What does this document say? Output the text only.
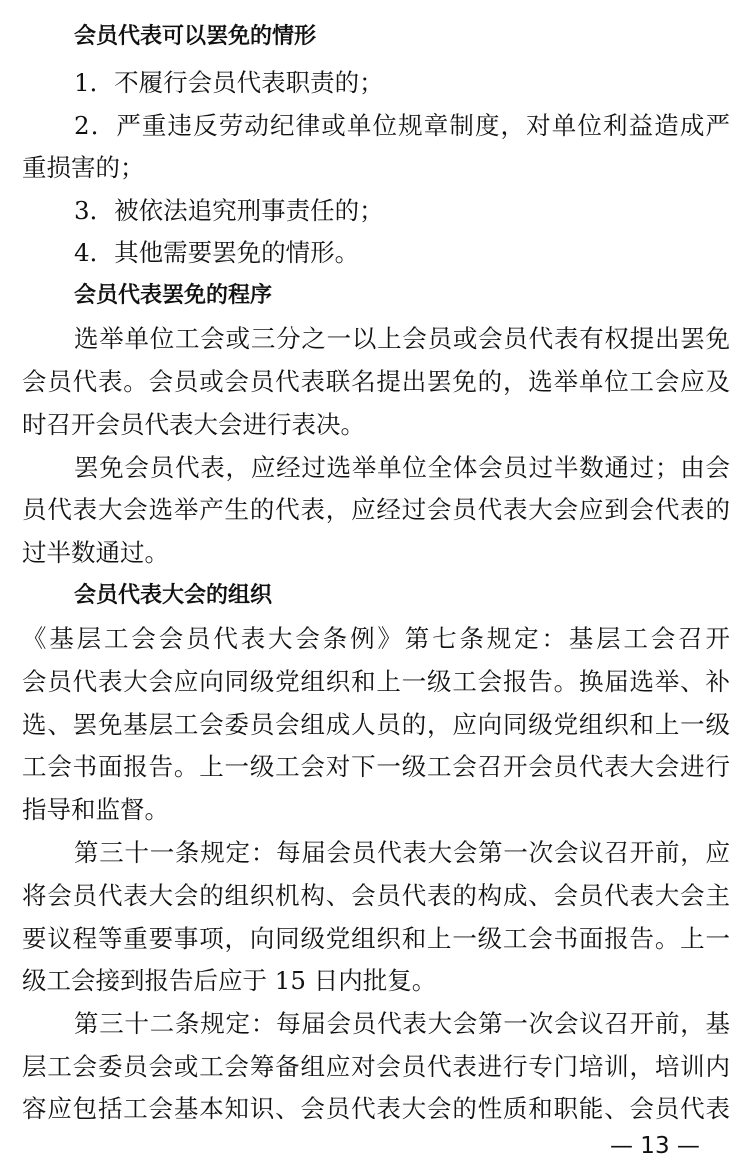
会员代表可以罢免的情形
1．不履行会员代表职责的；
2．严重违反劳动纪律或单位规章制度，对单位利益造成严
重损害的；
3．被依法追究刑事责任的；
4．其他需要罢免的情形。
会员代表罢免的程序
选举单位工会或三分之一以上会员或会员代表有权提出罢免
会员代表。会员或会员代表联名提出罢免的，选举单位工会应及
时召开会员代表大会进行表决。
罢免会员代表，应经过选举单位全体会员过半数通过；由会
员代表大会选举产生的代表，应经过会员代表大会应到会代表的
过半数通过。
会员代表大会的组织
《基层工会会员代表大会条例》第七条规定：基层工会召开
会员代表大会应向同级党组织和上一级工会报告。换届选举、补
选、罢免基层工会委员会组成人员的，应向同级党组织和上一级
工会书面报告。上一级工会对下一级工会召开会员代表大会进行
指导和监督。
第三十一条规定：每届会员代表大会第一次会议召开前，应
将会员代表大会的组织机构、会员代表的构成、会员代表大会主
要议程等重要事项，向同级党组织和上一级工会书面报告。上一
级工会接到报告后应于 15 日内批复。
第三十二条规定：每届会员代表大会第一次会议召开前，基
层工会委员会或工会筹备组应对会员代表进行专门培训，培训内
容应包括工会基本知识、会员代表大会的性质和职能、会员代表
— 13 —
